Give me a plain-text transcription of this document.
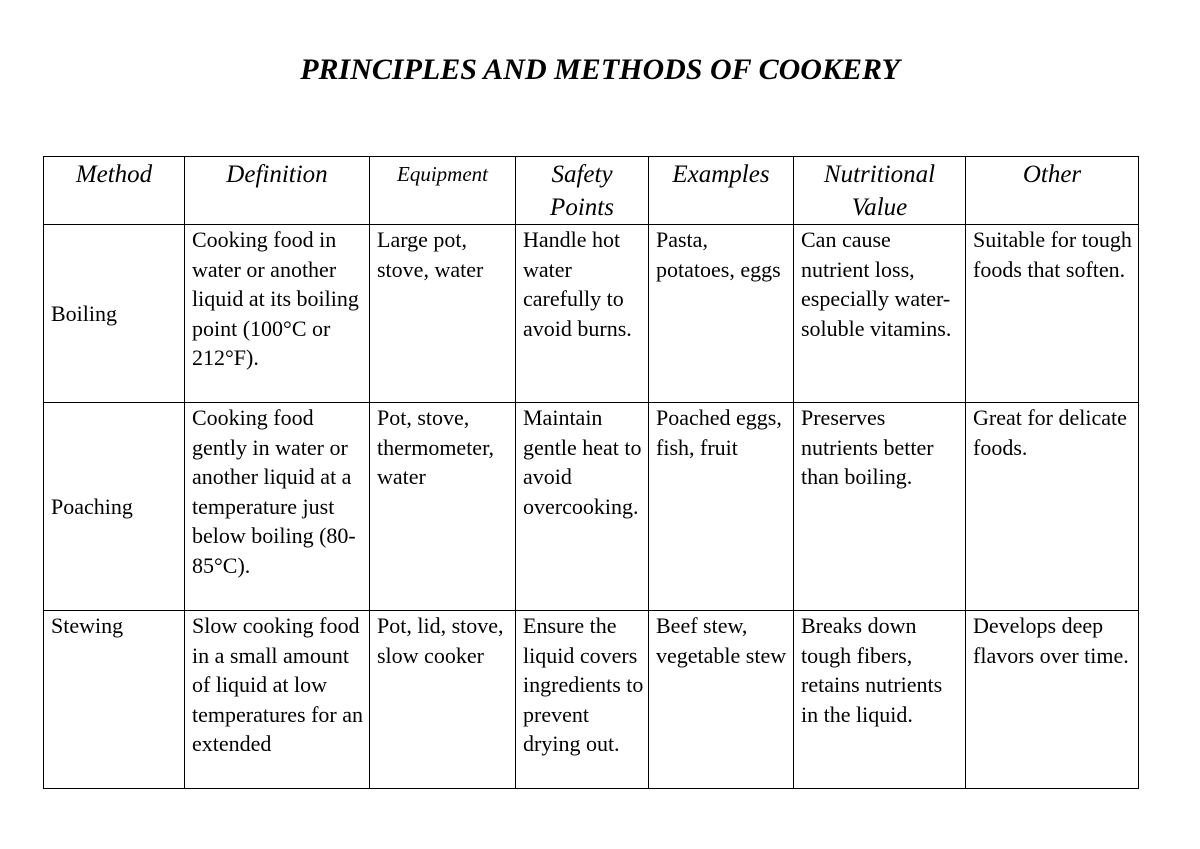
PRINCIPLES AND METHODS OF COOKERY
Method	Definition	Equipment	Safety Points	Examples	Nutritional Value	Other
Boiling	Cooking food in water or another liquid at its boiling point (100°C or 212°F).	Large pot, stove, water	Handle hot water carefully to avoid burns.	Pasta, potatoes, eggs	Can cause nutrient loss, especially water-soluble vitamins.	Suitable for tough foods that soften.
Poaching	Cooking food gently in water or another liquid at a temperature just below boiling (80-85°C).	Pot, stove, thermometer, water	Maintain gentle heat to avoid overcooking.	Poached eggs, fish, fruit	Preserves nutrients better than boiling.	Great for delicate foods.
Stewing	Slow cooking food in a small amount of liquid at low temperatures for an extended	Pot, lid, stove, slow cooker	Ensure the liquid covers ingredients to prevent drying out.	Beef stew, vegetable stew	Breaks down tough fibers, retains nutrients in the liquid.	Develops deep flavors over time.
